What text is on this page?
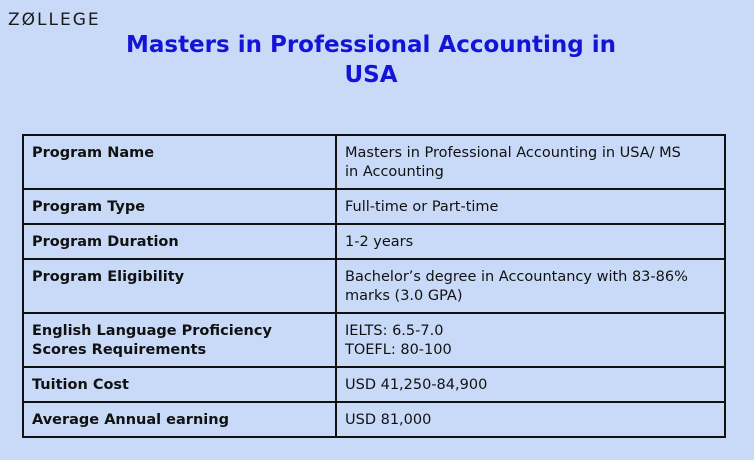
ZØLLEGE
Masters in Professional Accounting in
USA
Program Name	Masters in Professional Accounting in USA/ MS
in Accounting

Program Type	Full-time or Part-time

Program Duration	1-2 years

Program Eligibility	Bachelor’s degree in Accountancy with 83-86%
marks (3.0 GPA)

English Language Proficiency
Scores Requirements	IELTS: 6.5-7.0
TOEFL: 80-100

Tuition Cost	USD 41,250-84,900

Average Annual earning	USD 81,000
